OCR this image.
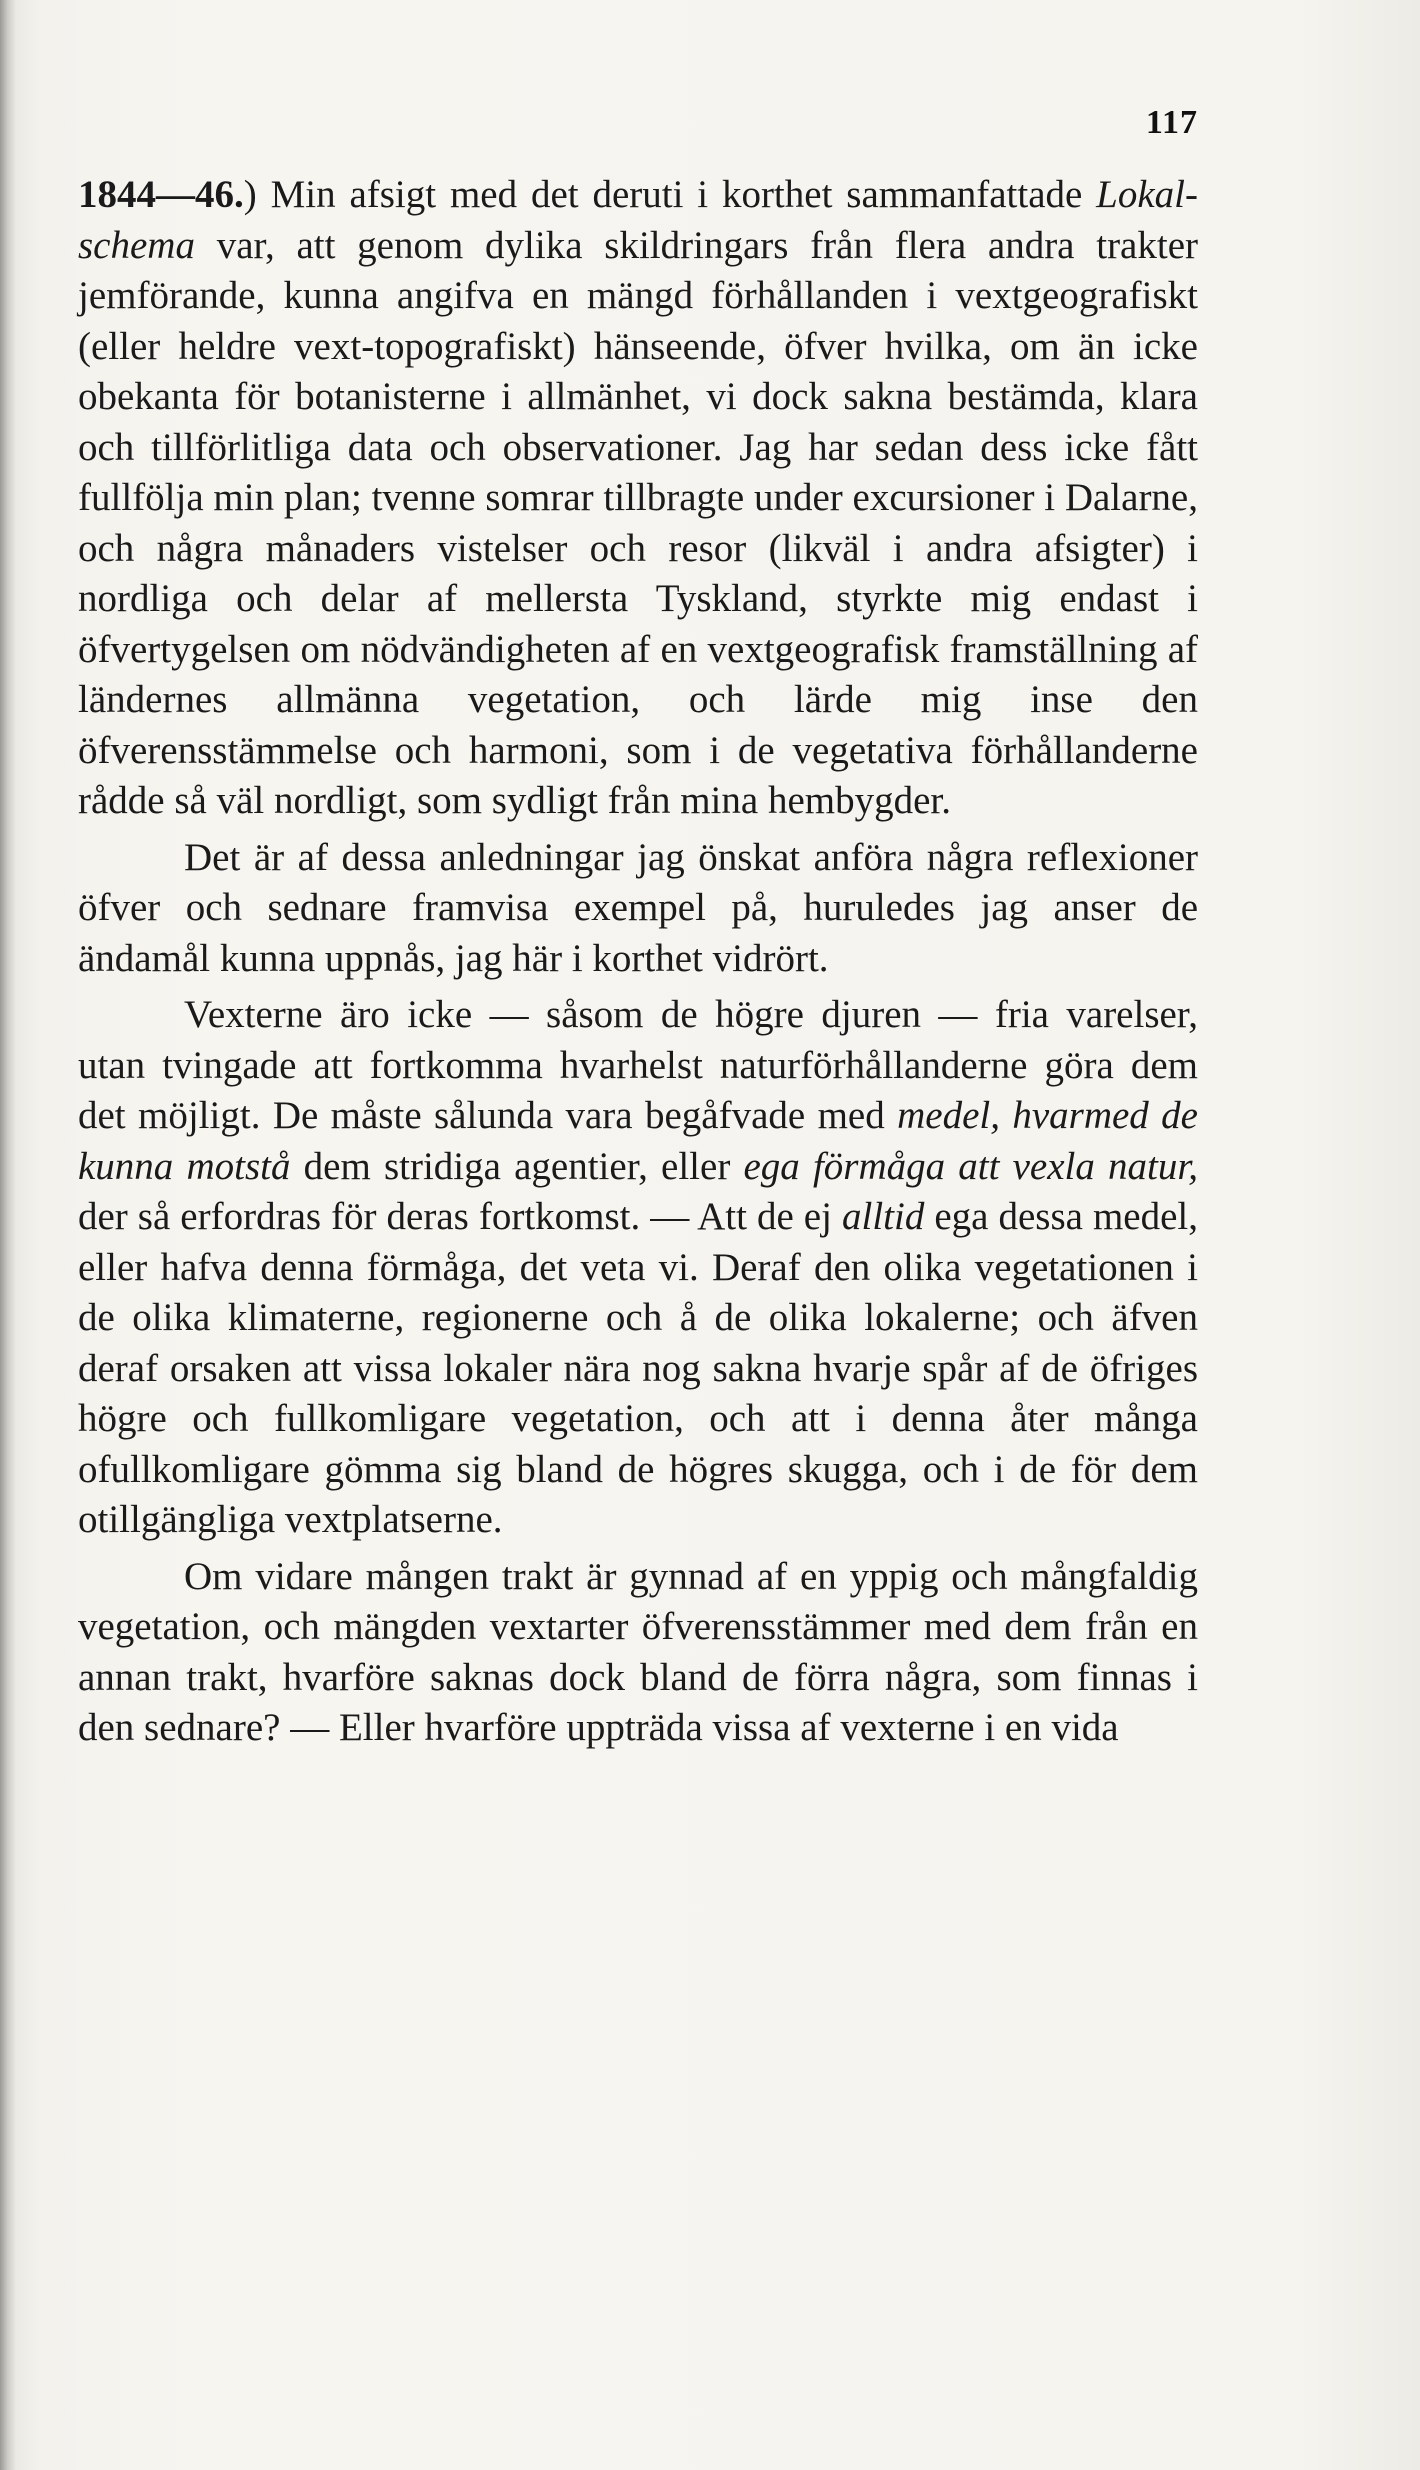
117

1844—46.) Min afsigt med det deruti i korthet sammanfattade Lokal-schema var, att genom dylika skildringars från flera andra trakter jemförande, kunna angifva en mängd förhållanden i vextgeografiskt (eller heldre vext-topografiskt) hänseende, öfver hvilka, om än icke obekanta för botanisterne i allmänhet, vi dock sakna bestämda, klara och tillförlitliga data och observationer. Jag har sedan dess icke fått fullfölja min plan; tvenne somrar tillbragte under excursioner i Dalarne, och några månaders vistelser och resor (likväl i andra afsigter) i nordliga och delar af mellersta Tyskland, styrkte mig endast i öfvertygelsen om nödvändigheten af en vextgeografisk framställning af ländernes allmänna vegetation, och lärde mig inse den öfverensstämmelse och harmoni, som i de vegetativa förhållanderne rådde så väl nordligt, som sydligt från mina hembygder.

Det är af dessa anledningar jag önskat anföra några reflexioner öfver och sednare framvisa exempel på, huruledes jag anser de ändamål kunna uppnås, jag här i korthet vidrört.

Vexterne äro icke — såsom de högre djuren — fria varelser, utan tvingade att fortkomma hvarhelst naturförhållanderne göra dem det möjligt. De måste sålunda vara begåfvade med medel, hvarmed de kunna motstå dem stridiga agentier, eller ega förmåga att vexla natur, der så erfordras för deras fortkomst. — Att de ej alltid ega dessa medel, eller hafva denna förmåga, det veta vi. Deraf den olika vegetationen i de olika klimaterne, regionerne och å de olika lokalerne; och äfven deraf orsaken att vissa lokaler nära nog sakna hvarje spår af de öfriges högre och fullkomligare vegetation, och att i denna åter många ofullkomligare gömma sig bland de högres skugga, och i de för dem otillgängliga vextplatserne.

Om vidare mången trakt är gynnad af en yppig och mångfaldig vegetation, och mängden vextarter öfverensstämmer med dem från en annan trakt, hvarföre saknas dock bland de förra några, som finnas i den sednare? — Eller hvarföre uppträda vissa af vexterne i en vida
